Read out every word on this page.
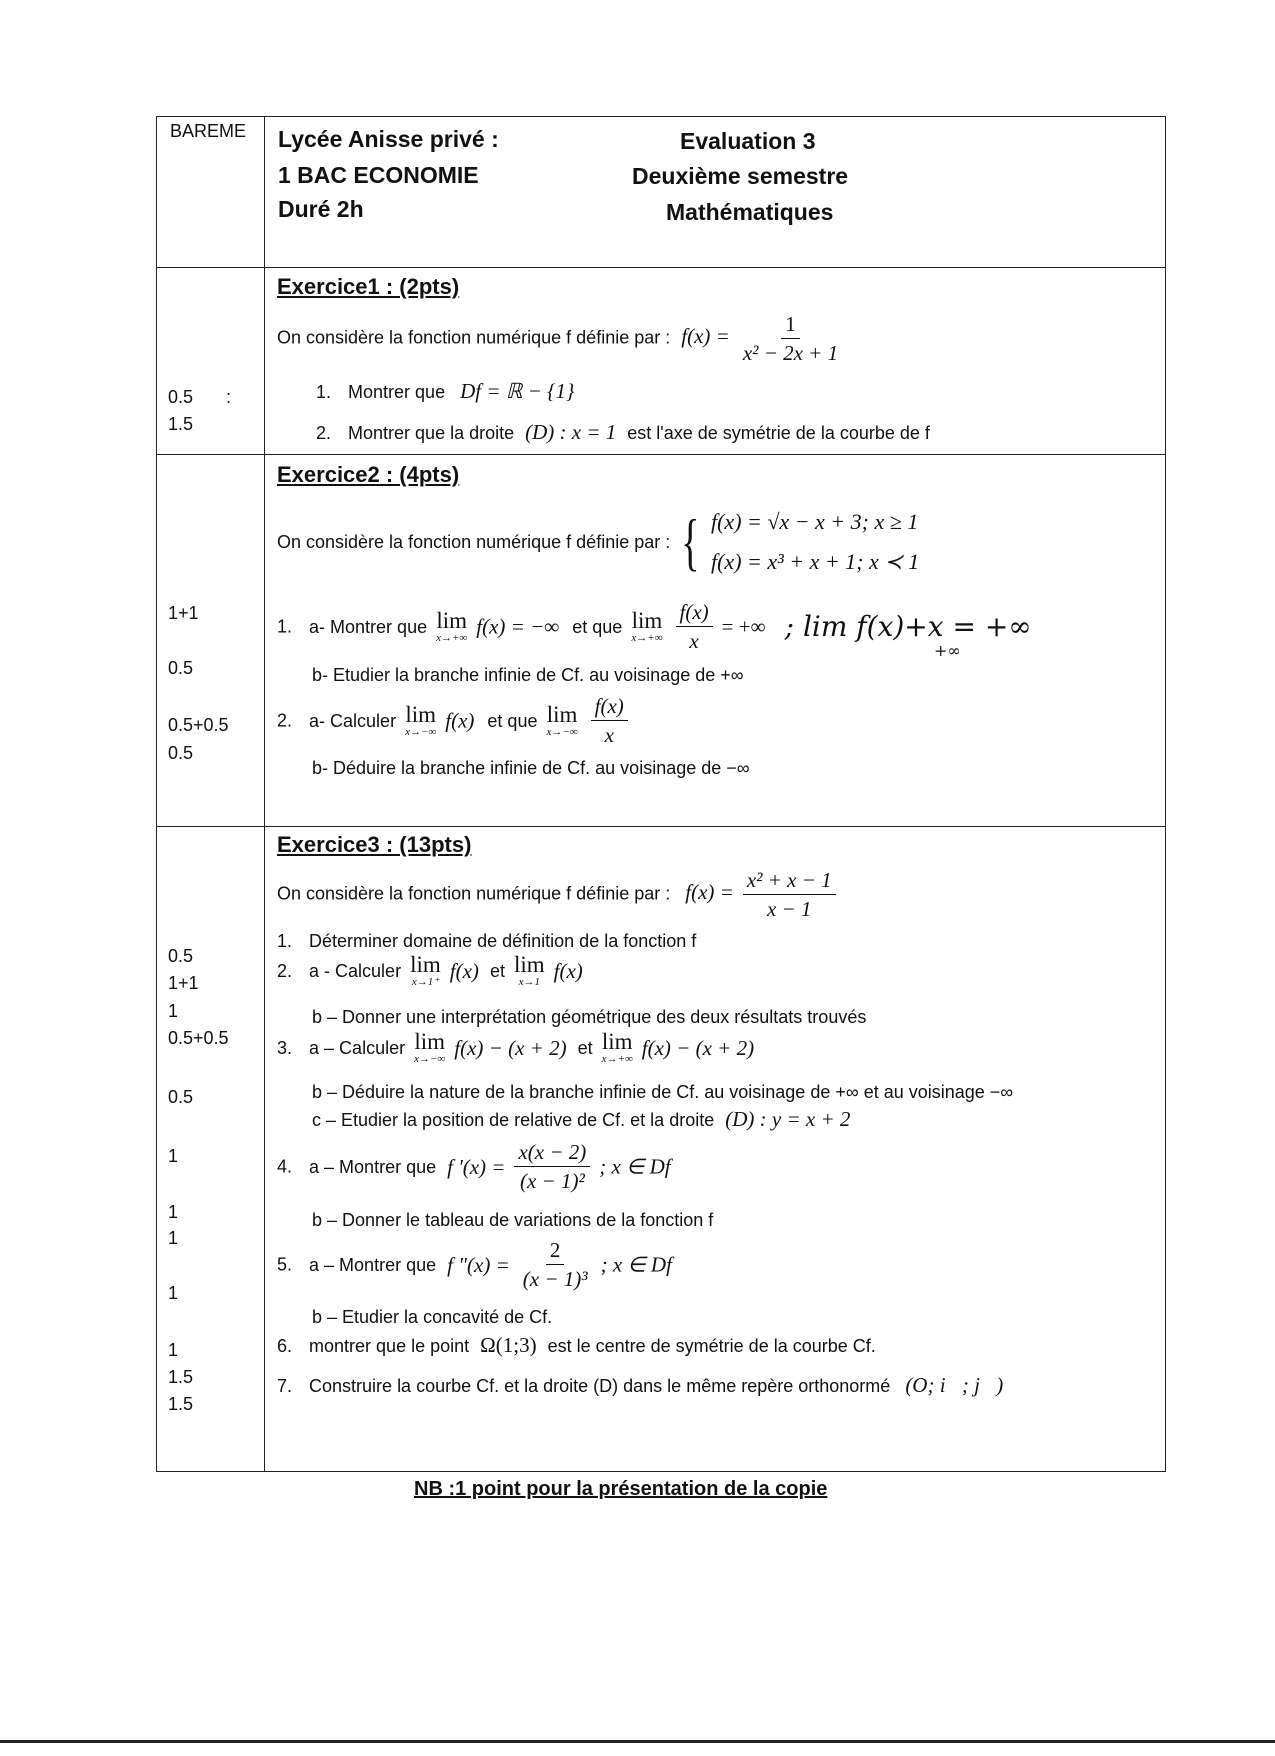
BAREME Lycée Anisse privé :
1 BAC ECONOMIE
Duré 2h
Evaluation 3
Deuxième semestre
Mathématiques
Exercice1 : (2pts)
On considère la fonction numérique f définie par : $f(x) = \frac{1}{\text{x² − 2x + 1}}$
1. Montrer que Df = ℝ − {1}
2. Montrer que la droite (D) : x = 1 est l'axe de symétrie de la courbe de f
0.5 :
1.5
Exercice2 : (4pts)
On considère la fonction numérique f définie par : { f(x) = √x − x + 3; x ≥ 1
f(x) = x³ + x + 1; x ≺ 1
1. a- Montrer que lim
x→+∞ f(x) = −∞ et que lim
x→+∞
$\frac{f(x)}{x}$ = +∞ ; lim f(x)+x = +∞
+∞
b- Etudier la branche infinie de Cf. au voisinage de +∞
2. a- Calculer lim
x→−∞ f(x) et que lim
x→−∞
$\frac{f(x)}{x}$
b- Déduire la branche infinie de Cf. au voisinage de −∞
1+1
0.5
0.5+0.5
0.5
Exercice3 : (13pts)
On considère la fonction numérique f définie par : $f(x) = \frac{\text{x² + x − 1}}{x - 1}$
1. Déterminer domaine de définition de la fonction f
2. a - Calculer lim
x→1⁺ f(x) et lim
x→1 f(x)
b – Donner une interprétation géométrique des deux résultats trouvés
3. a – Calculer lim
x→−∞ f(x) − (x + 2) et lim
x→+∞ f(x) − (x + 2)
b – Déduire la nature de la branche infinie de Cf. au voisinage de +∞ et au voisinage −∞
c – Etudier la position de relative de Cf. et la droite (D) : y = x + 2
4. a – Montrer que f '$(x) = \frac{x(x - 2)}{\text{(x − 1)²}}$ ; x ∈ Df
b – Donner le tableau de variations de la fonction f
5. a – Montrer que f "$(x) = \frac{2}{\text{(x − 1)³}}$ ; x ∈ Df
b – Etudier la concavité de Cf.
6. montrer que le point Ω(1;3) est le centre de symétrie de la courbe Cf.
7. Construire la courbe Cf. et la droite (D) dans le même repère orthonormé (O; i⃗; j⃗)
0.5
1+1
1
0.5+0.5
0.5
1
1
1
1
1
1.5
1.5
NB :1 point pour la présentation de la copie
